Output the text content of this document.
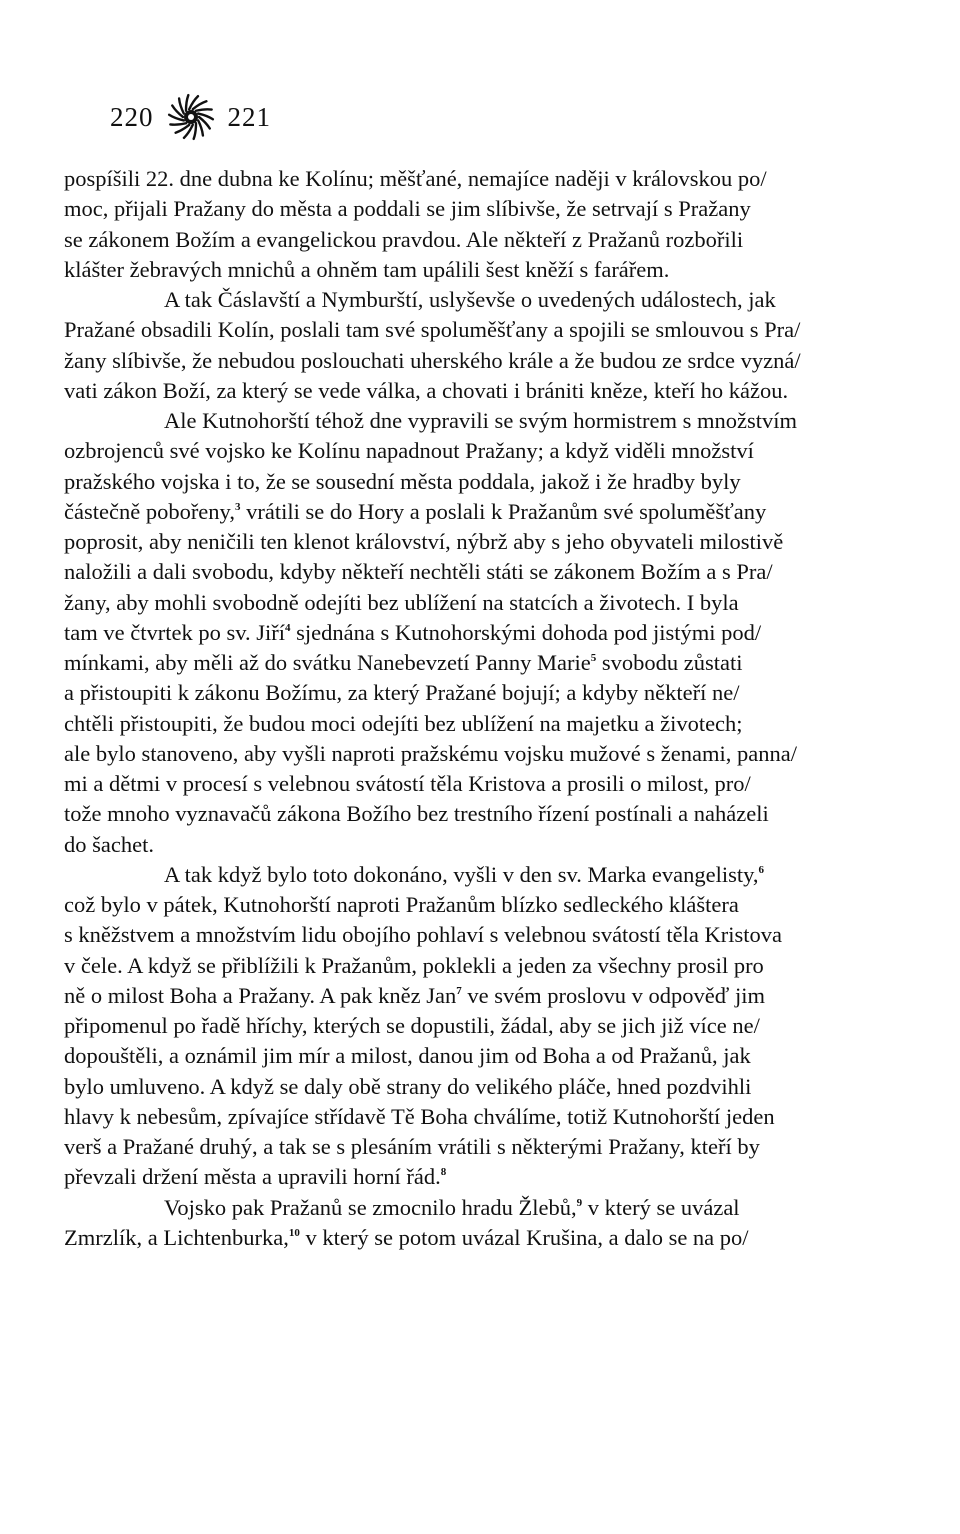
220	221
pospíšili 22. dne dubna ke Kolínu; měšťané, nemajíce naději v královskou po/
moc, přijali Pražany do města a poddali se jim slíbivše, že setrvají s Pražany
se zákonem Božím a evangelickou pravdou. Ale někteří z Pražanů rozbořili
klášter žebravých mnichů a ohněm tam upálili šest kněží s farářem.
A tak Čáslavští a Nymburští, uslyševše o uvedených událostech, jak
Pražané obsadili Kolín, poslali tam své spoluměšťany a spojili se smlouvou s Pra/
žany slíbivše, že nebudou poslouchati uherského krále a že budou ze srdce vyzná/
vati zákon Boží, za který se vede válka, a chovati i brániti kněze, kteří ho kážou.
Ale Kutnohorští téhož dne vypravili se svým hormistrem s množstvím
ozbrojenců své vojsko ke Kolínu napadnout Pražany; a když viděli množství
pražského vojska i to, že se sousední města poddala, jakož i že hradby byly
částečně pobořeny,$^3$ vrátili se do Hory a poslali k Pražanům své spoluměšťany
poprosit, aby neničili ten klenot království, nýbrž aby s jeho obyvateli milostivě
naložili a dali svobodu, kdyby někteří nechtěli státi se zákonem Božím a s Pra/
žany, aby mohli svobodně odejíti bez ublížení na statcích a životech. I byla
tam ve čtvrtek po sv. Jiří$^4$ sjednána s Kutnohorskými dohoda pod jistými pod/
mínkami, aby měli až do svátku Nanebevzetí Panny Marie$^5$ svobodu zůstati
a přistoupiti k zákonu Božímu, za který Pražané bojují; a kdyby někteří ne/
chtěli přistoupiti, že budou moci odejíti bez ublížení na majetku a životech;
ale bylo stanoveno, aby vyšli naproti pražskému vojsku mužové s ženami, panna/
mi a dětmi v procesí s velebnou svátostí těla Kristova a prosili o milost, pro/
tože mnoho vyznavačů zákona Božího bez trestního řízení postínali a naházeli
do šachet.
A tak když bylo toto dokonáno, vyšli v den sv. Marka evangelisty,$^6$
což bylo v pátek, Kutnohorští naproti Pražanům blízko sedleckého kláštera
s kněžstvem a množstvím lidu obojího pohlaví s velebnou svátostí těla Kristova
v čele. A když se přiblížili k Pražanům, poklekli a jeden za všechny prosil pro
ně o milost Boha a Pražany. A pak kněz Jan$^7$ ve svém proslovu v odpověď jim
připomenul po řadě hříchy, kterých se dopustili, žádal, aby se jich již více ne/
dopouštěli, a oznámil jim mír a milost, danou jim od Boha a od Pražanů, jak
bylo umluveno. A když se daly obě strany do velikého pláče, hned pozdvihli
hlavy k nebesům, zpívajíce střídavě Tě Boha chválíme, totiž Kutnohorští jeden
verš a Pražané druhý, a tak se s plesáním vrátili s některými Pražany, kteří by
převzali držení města a upravili horní řád.$^8$
Vojsko pak Pražanů se zmocnilo hradu Žlebů,$^9$ v který se uvázal
Zmrzlík, a Lichtenburka,$^{10}$ v který se potom uvázal Krušina, a dalo se na po/
